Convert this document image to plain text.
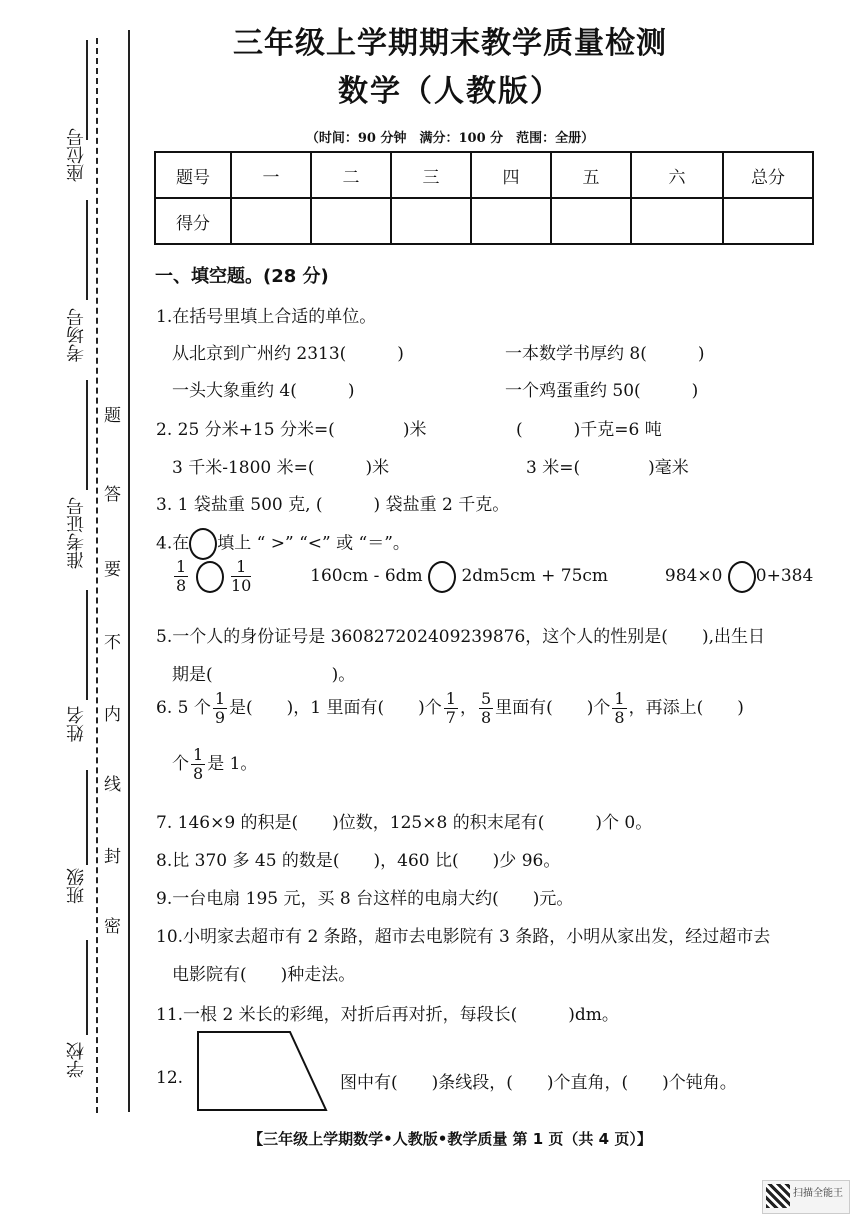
三年级上学期期末教学质量检测
数学（人教版）
（时间：90 分钟　满分：100 分　范围：全册）
题号	一	二	三	四	五	六	总分
得分							
座位号
考场号
准考证号
姓名
班级
学校
题
答
要
不
内
线
封
密
一、填空题。(28 分)
1.在括号里填上合适的单位。
从北京到广州约 2313(　　　)	一本数学书厚约 8(　　　)
一头大象重约 4(　　　)	一个鸡蛋重约 50(　　　)
2. 25 分米+15 分米=(　　　　)米	(　　　)千克=6 吨
3 千米-1800 米=(　　　)米	3 米=(　　　　)毫米
3. 1 袋盐重 500 克, (　　　) 袋盐重 2 千克。
4.在 填上 “ >” “<” 或 “＝”。
$\frac{1}{8}$
	$\frac{1}{10}$	160cm - 6dm 2dm5cm + 75cm	984×0 0+384
5.一个人的身份证号是 360827202409239876，这个人的性别是(　　),出生日
期是(　　　　　　　)。
6. 5 个 $\frac{1}{9}$ 是(　　)，1 里面有(　　)个 $\frac{1}{7}$ ， $\frac{5}{8}$ 里面有(　　)个 $\frac{1}{8}$ ，再添上(　　)
个 $\frac{1}{8}$ 是 1。
7. 146×9 的积是(　　)位数，125×8 的积末尾有(　　　)个 0。
8.比 370 多 45 的数是(　　)，460 比(　　)少 96。
9.一台电扇 195 元，买 8 台这样的电扇大约(　　)元。
10.小明家去超市有 2 条路，超市去电影院有 3 条路，小明从家出发，经过超市去
电影院有(　　)种走法。
11.一根 2 米长的彩绳，对折后再对折，每段长(　　　)dm。
12.	图中有(　　)条线段，(　　)个直角，(　　)个钝角。
【三年级上学期数学•人教版•教学质量 第 1 页（共 4 页）】
扫描全能王
